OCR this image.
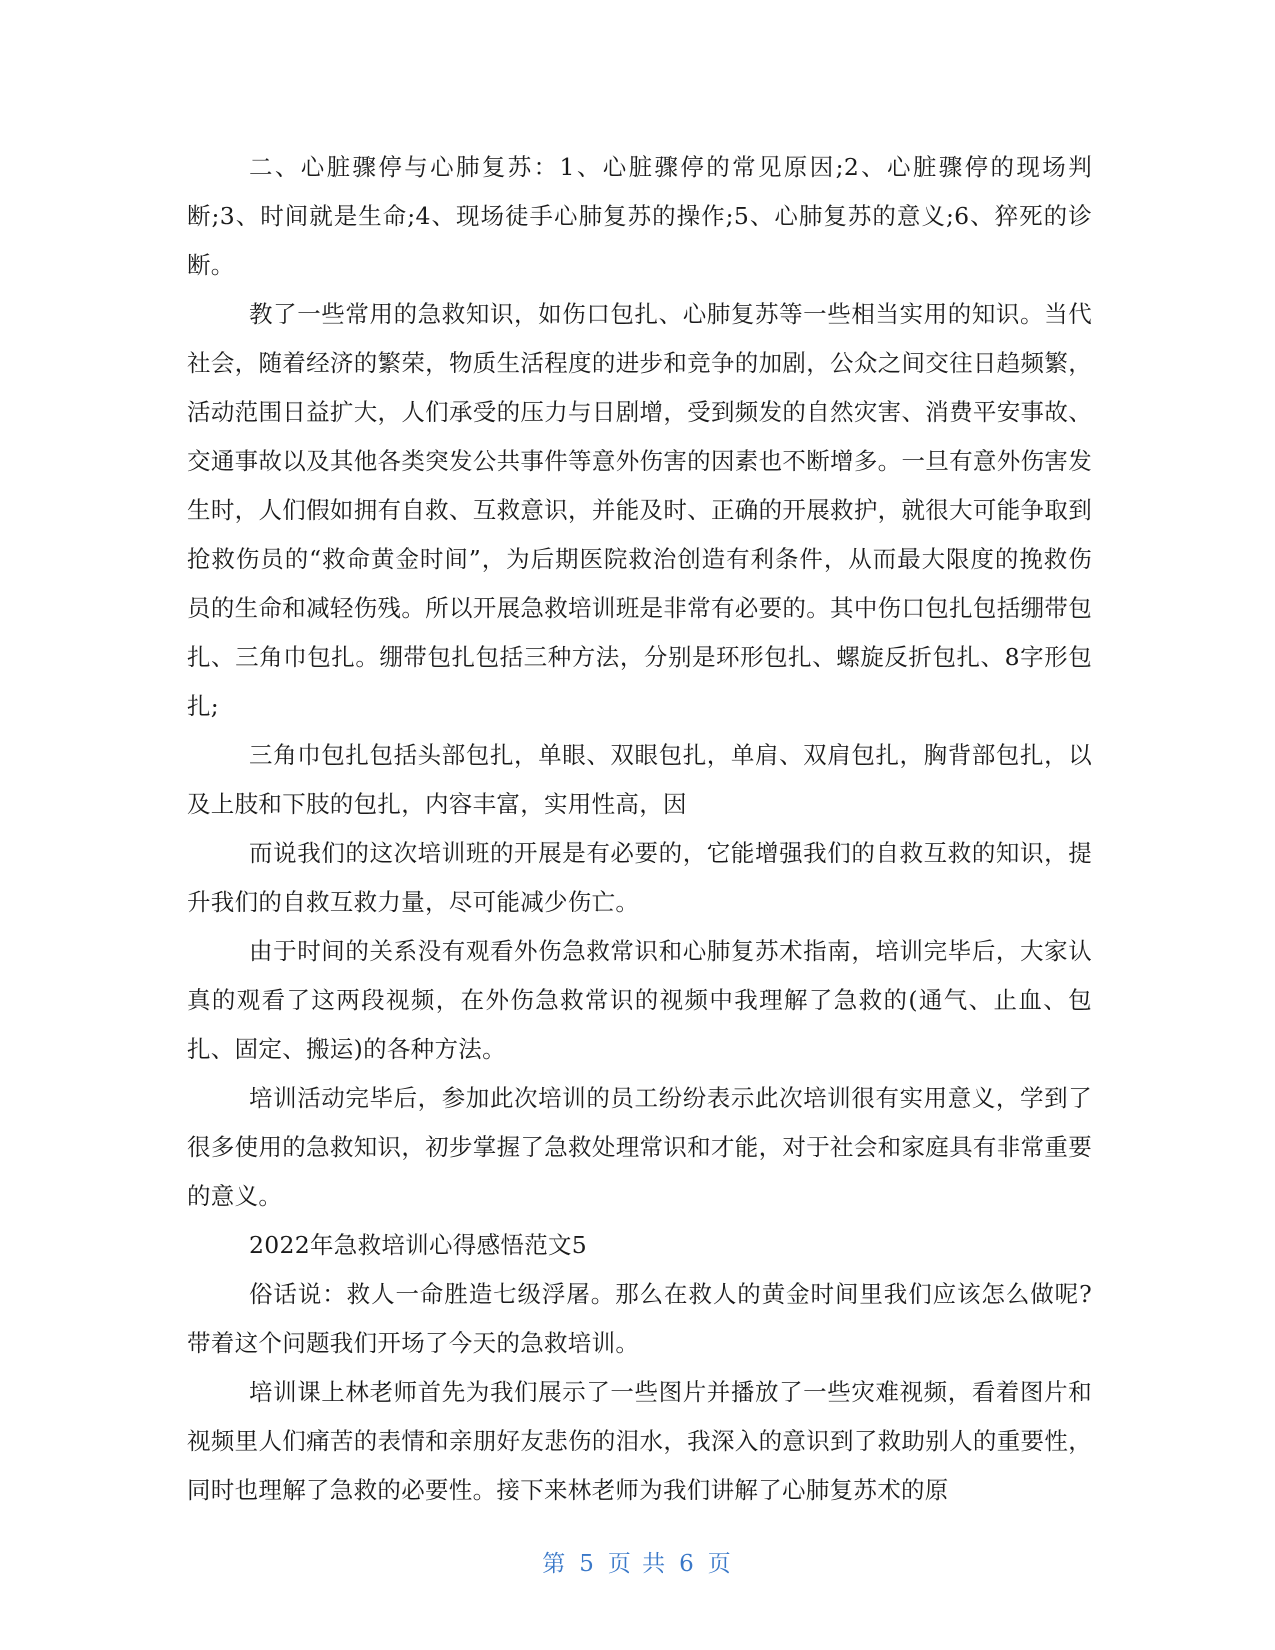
二、心脏骤停与心肺复苏：1、心脏骤停的常见原因;2、心脏骤停的现场判断;3、时间就是生命;4、现场徒手心肺复苏的操作;5、心肺复苏的意义;6、猝死的诊断。

教了一些常用的急救知识，如伤口包扎、心肺复苏等一些相当实用的知识。当代社会，随着经济的繁荣，物质生活程度的进步和竞争的加剧，公众之间交往日趋频繁，活动范围日益扩大，人们承受的压力与日剧增，受到频发的自然灾害、消费平安事故、交通事故以及其他各类突发公共事件等意外伤害的因素也不断增多。一旦有意外伤害发生时，人们假如拥有自救、互救意识，并能及时、正确的开展救护，就很大可能争取到抢救伤员的“救命黄金时间”，为后期医院救治创造有利条件，从而最大限度的挽救伤员的生命和减轻伤残。所以开展急救培训班是非常有必要的。其中伤口包扎包括绷带包扎、三角巾包扎。绷带包扎包括三种方法，分别是环形包扎、螺旋反折包扎、8字形包扎;

三角巾包扎包括头部包扎，单眼、双眼包扎，单肩、双肩包扎，胸背部包扎，以及上肢和下肢的包扎，内容丰富，实用性高，因

而说我们的这次培训班的开展是有必要的，它能增强我们的自救互救的知识，提升我们的自救互救力量，尽可能减少伤亡。

由于时间的关系没有观看外伤急救常识和心肺复苏术指南，培训完毕后，大家认真的观看了这两段视频，在外伤急救常识的视频中我理解了急救的(通气、止血、包扎、固定、搬运)的各种方法。

培训活动完毕后，参加此次培训的员工纷纷表示此次培训很有实用意义，学到了很多使用的急救知识，初步掌握了急救处理常识和才能，对于社会和家庭具有非常重要的意义。

2022年急救培训心得感悟范文5

俗话说：救人一命胜造七级浮屠。那么在救人的黄金时间里我们应该怎么做呢?带着这个问题我们开场了今天的急救培训。

培训课上林老师首先为我们展示了一些图片并播放了一些灾难视频，看着图片和视频里人们痛苦的表情和亲朋好友悲伤的泪水，我深入的意识到了救助别人的重要性，同时也理解了急救的必要性。接下来林老师为我们讲解了心肺复苏术的原

第 5 页 共 6 页
